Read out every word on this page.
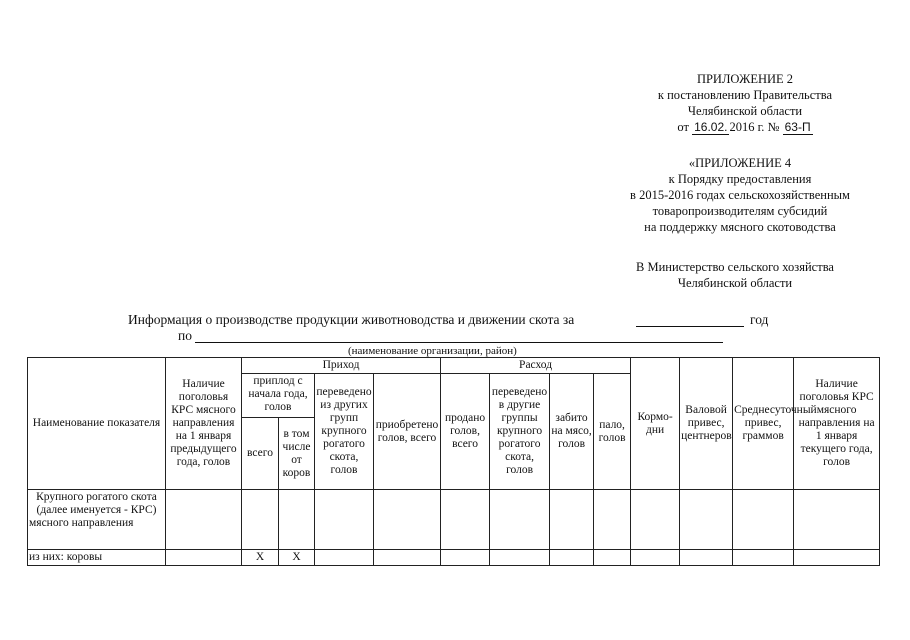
ПРИЛОЖЕНИЕ 2
к постановлению Правительства
Челябинской области
от 16.02. 2016 г. № 63-П
«ПРИЛОЖЕНИЕ 4
к Порядку предоставления
в 2015-2016 годах сельскохозяйственным
товаропроизводителям субсидий
на поддержку мясного скотоводства
В Министерство сельского хозяйства
Челябинской области
Информация о производстве продукции животноводства и движении скота за	год
по
(наименование организации, район)
Наименование показателя	Наличие поголовья КРС мясного направления на 1 января предыдущего года, голов	Приход				Расход				Кормо-дни	Валовой привес, центнеров	Среднесуточный привес, граммов	Наличие поголовья КРС мясного направления на 1 января текущего года, голов
		приплод с начала года, голов		переведено из других групп крупного рогатого скота, голов	приобретено голов, всего	продано голов, всего	переведено в другие группы крупного рогатого скота, голов	забито на мясо, голов	пало, голов				
		всего	в том числе от коров										
Крупного рогатого скота (далее именуется - КРС) мясного направления													
из них: коровы		X	X										
